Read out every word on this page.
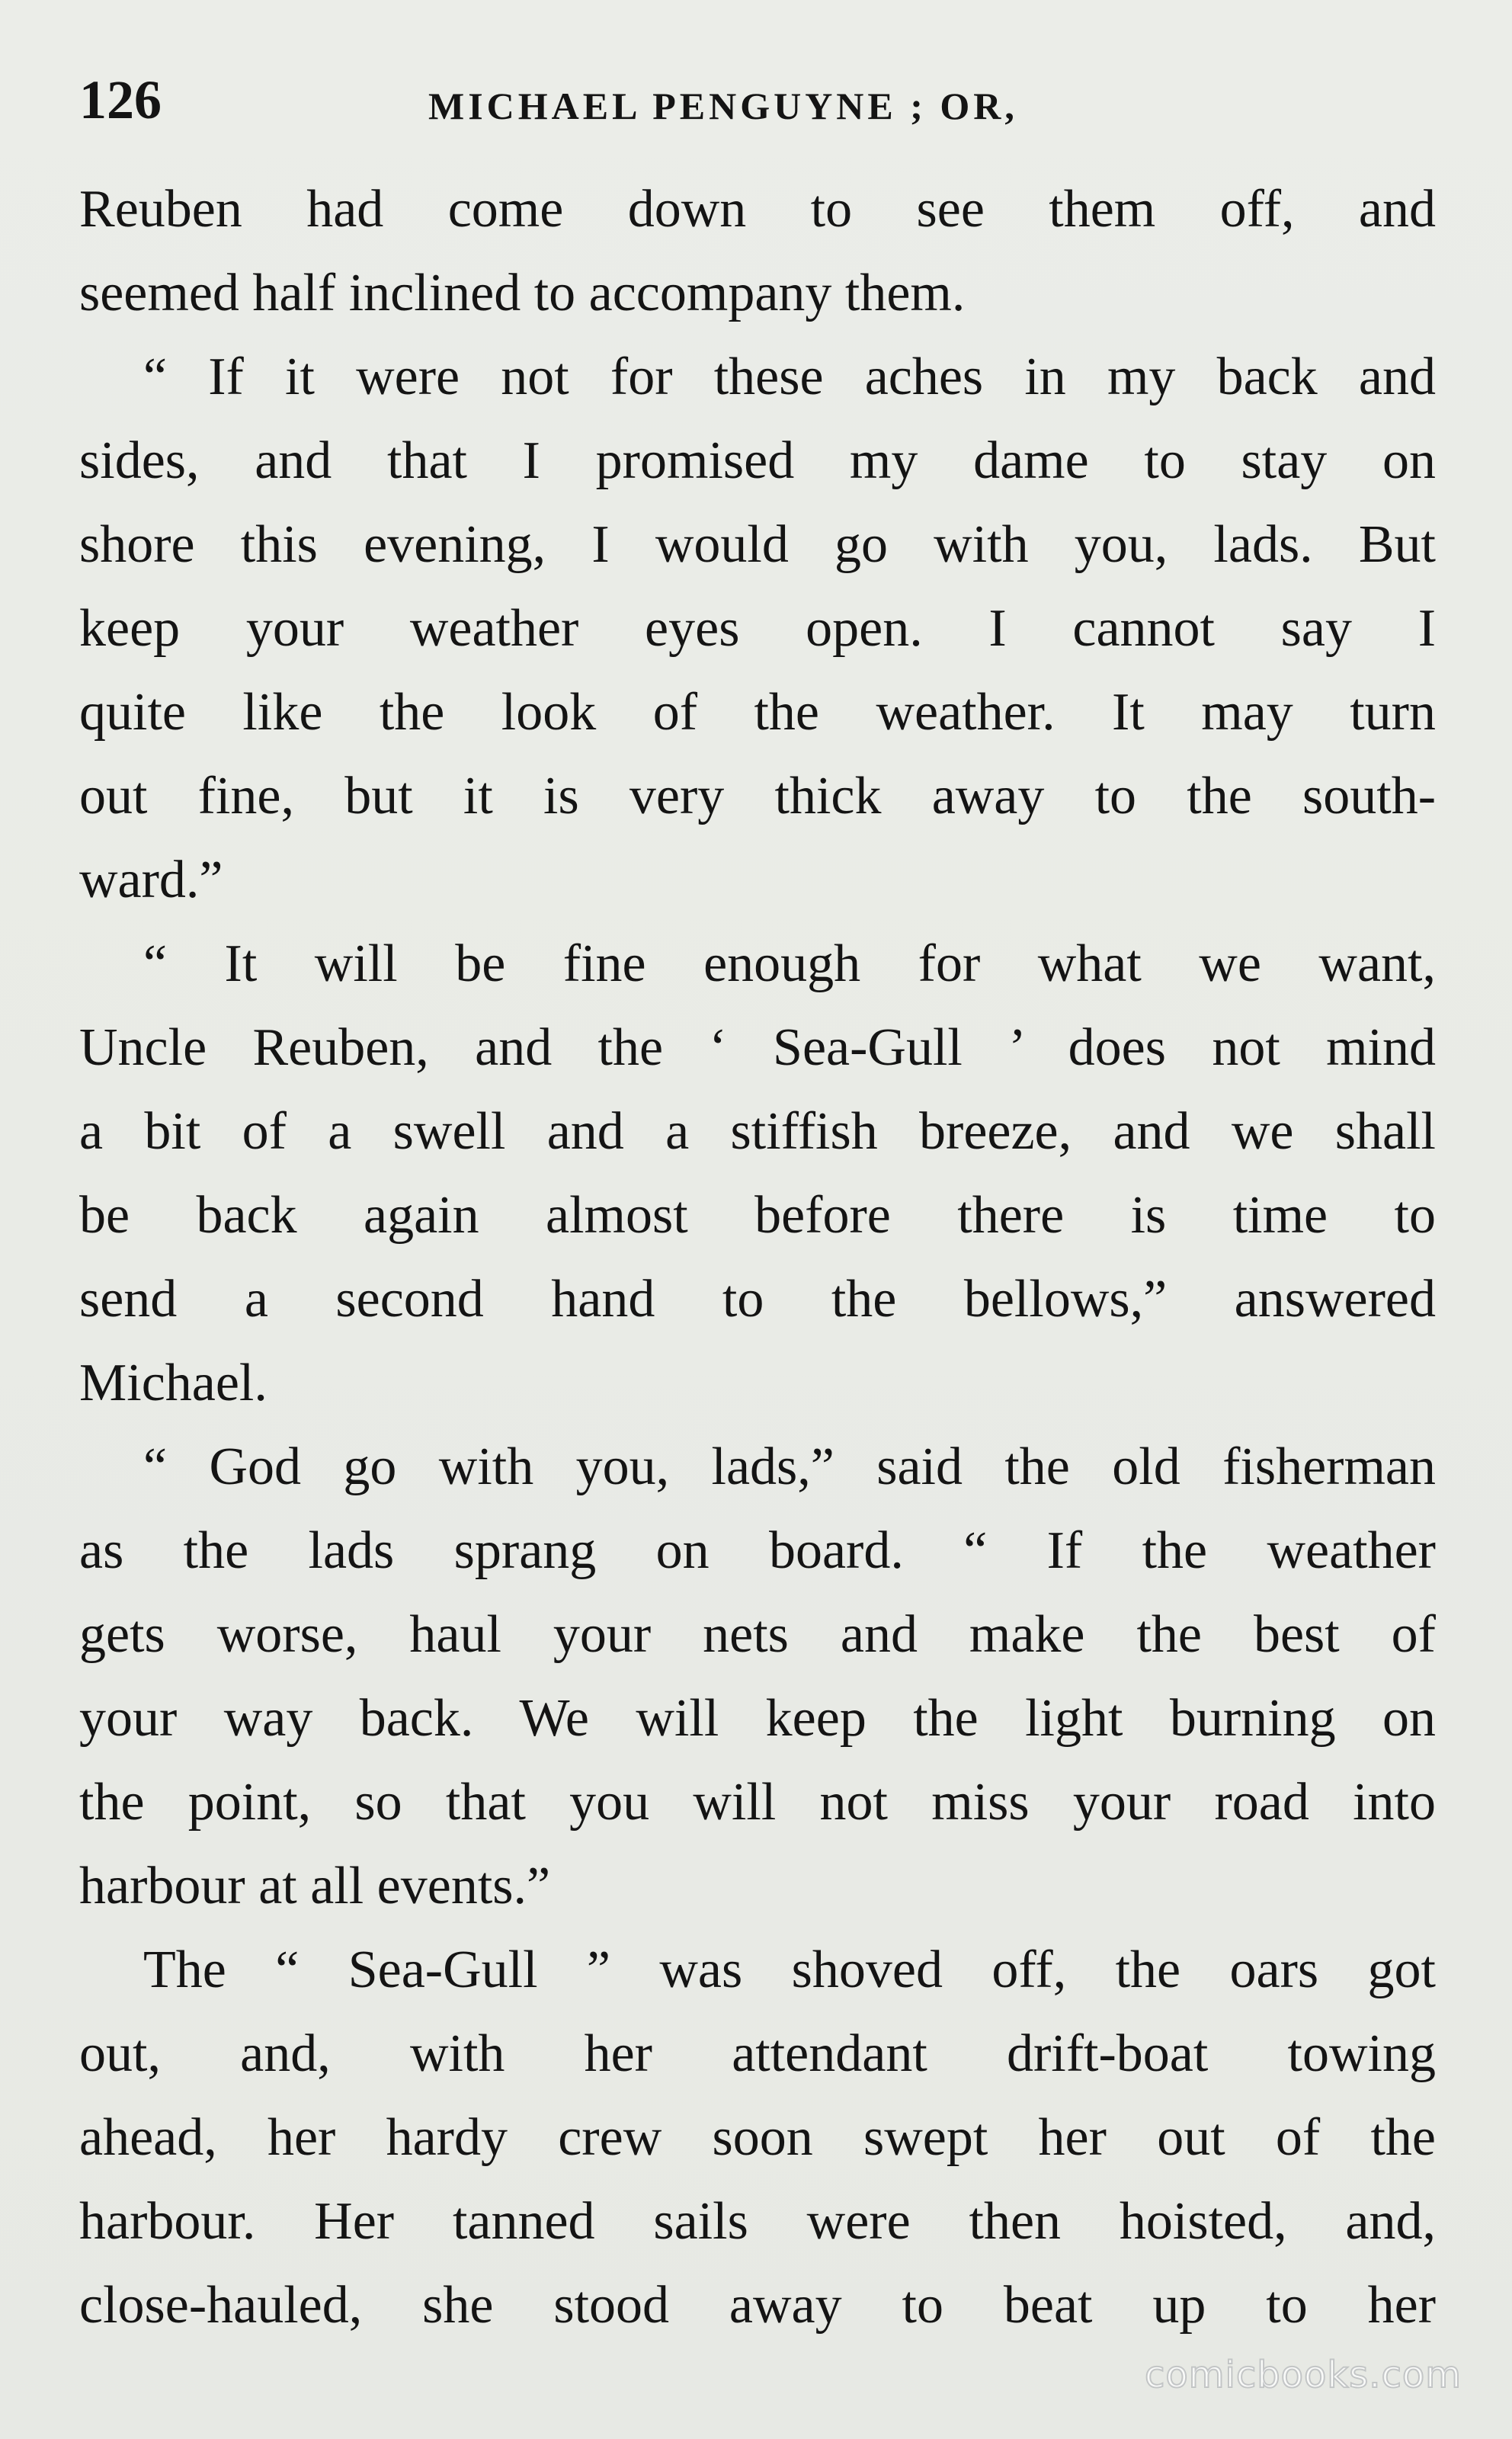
126	MICHAEL PENGUYNE ; OR,
Reuben had come down to see them off, and
seemed half inclined to accompany them.
“ If it were not for these aches in my back and
sides, and that I promised my dame to stay on
shore this evening, I would go with you, lads. But
keep your weather eyes open. I cannot say I
quite like the look of the weather. It may turn
out fine, but it is very thick away to the south-
ward.”
“ It will be fine enough for what we want,
Uncle Reuben, and the ‘ Sea-Gull ’ does not mind
a bit of a swell and a stiffish breeze, and we shall
be back again almost before there is time to
send a second hand to the bellows,” answered
Michael.
“ God go with you, lads,” said the old fisherman
as the lads sprang on board. “ If the weather
gets worse, haul your nets and make the best of
your way back. We will keep the light burning on
the point, so that you will not miss your road into
harbour at all events.”
The “ Sea-Gull ” was shoved off, the oars got
out, and, with her attendant drift-boat towing
ahead, her hardy crew soon swept her out of the
harbour. Her tanned sails were then hoisted, and,
close-hauled, she stood away to beat up to her
comicbooks.com
